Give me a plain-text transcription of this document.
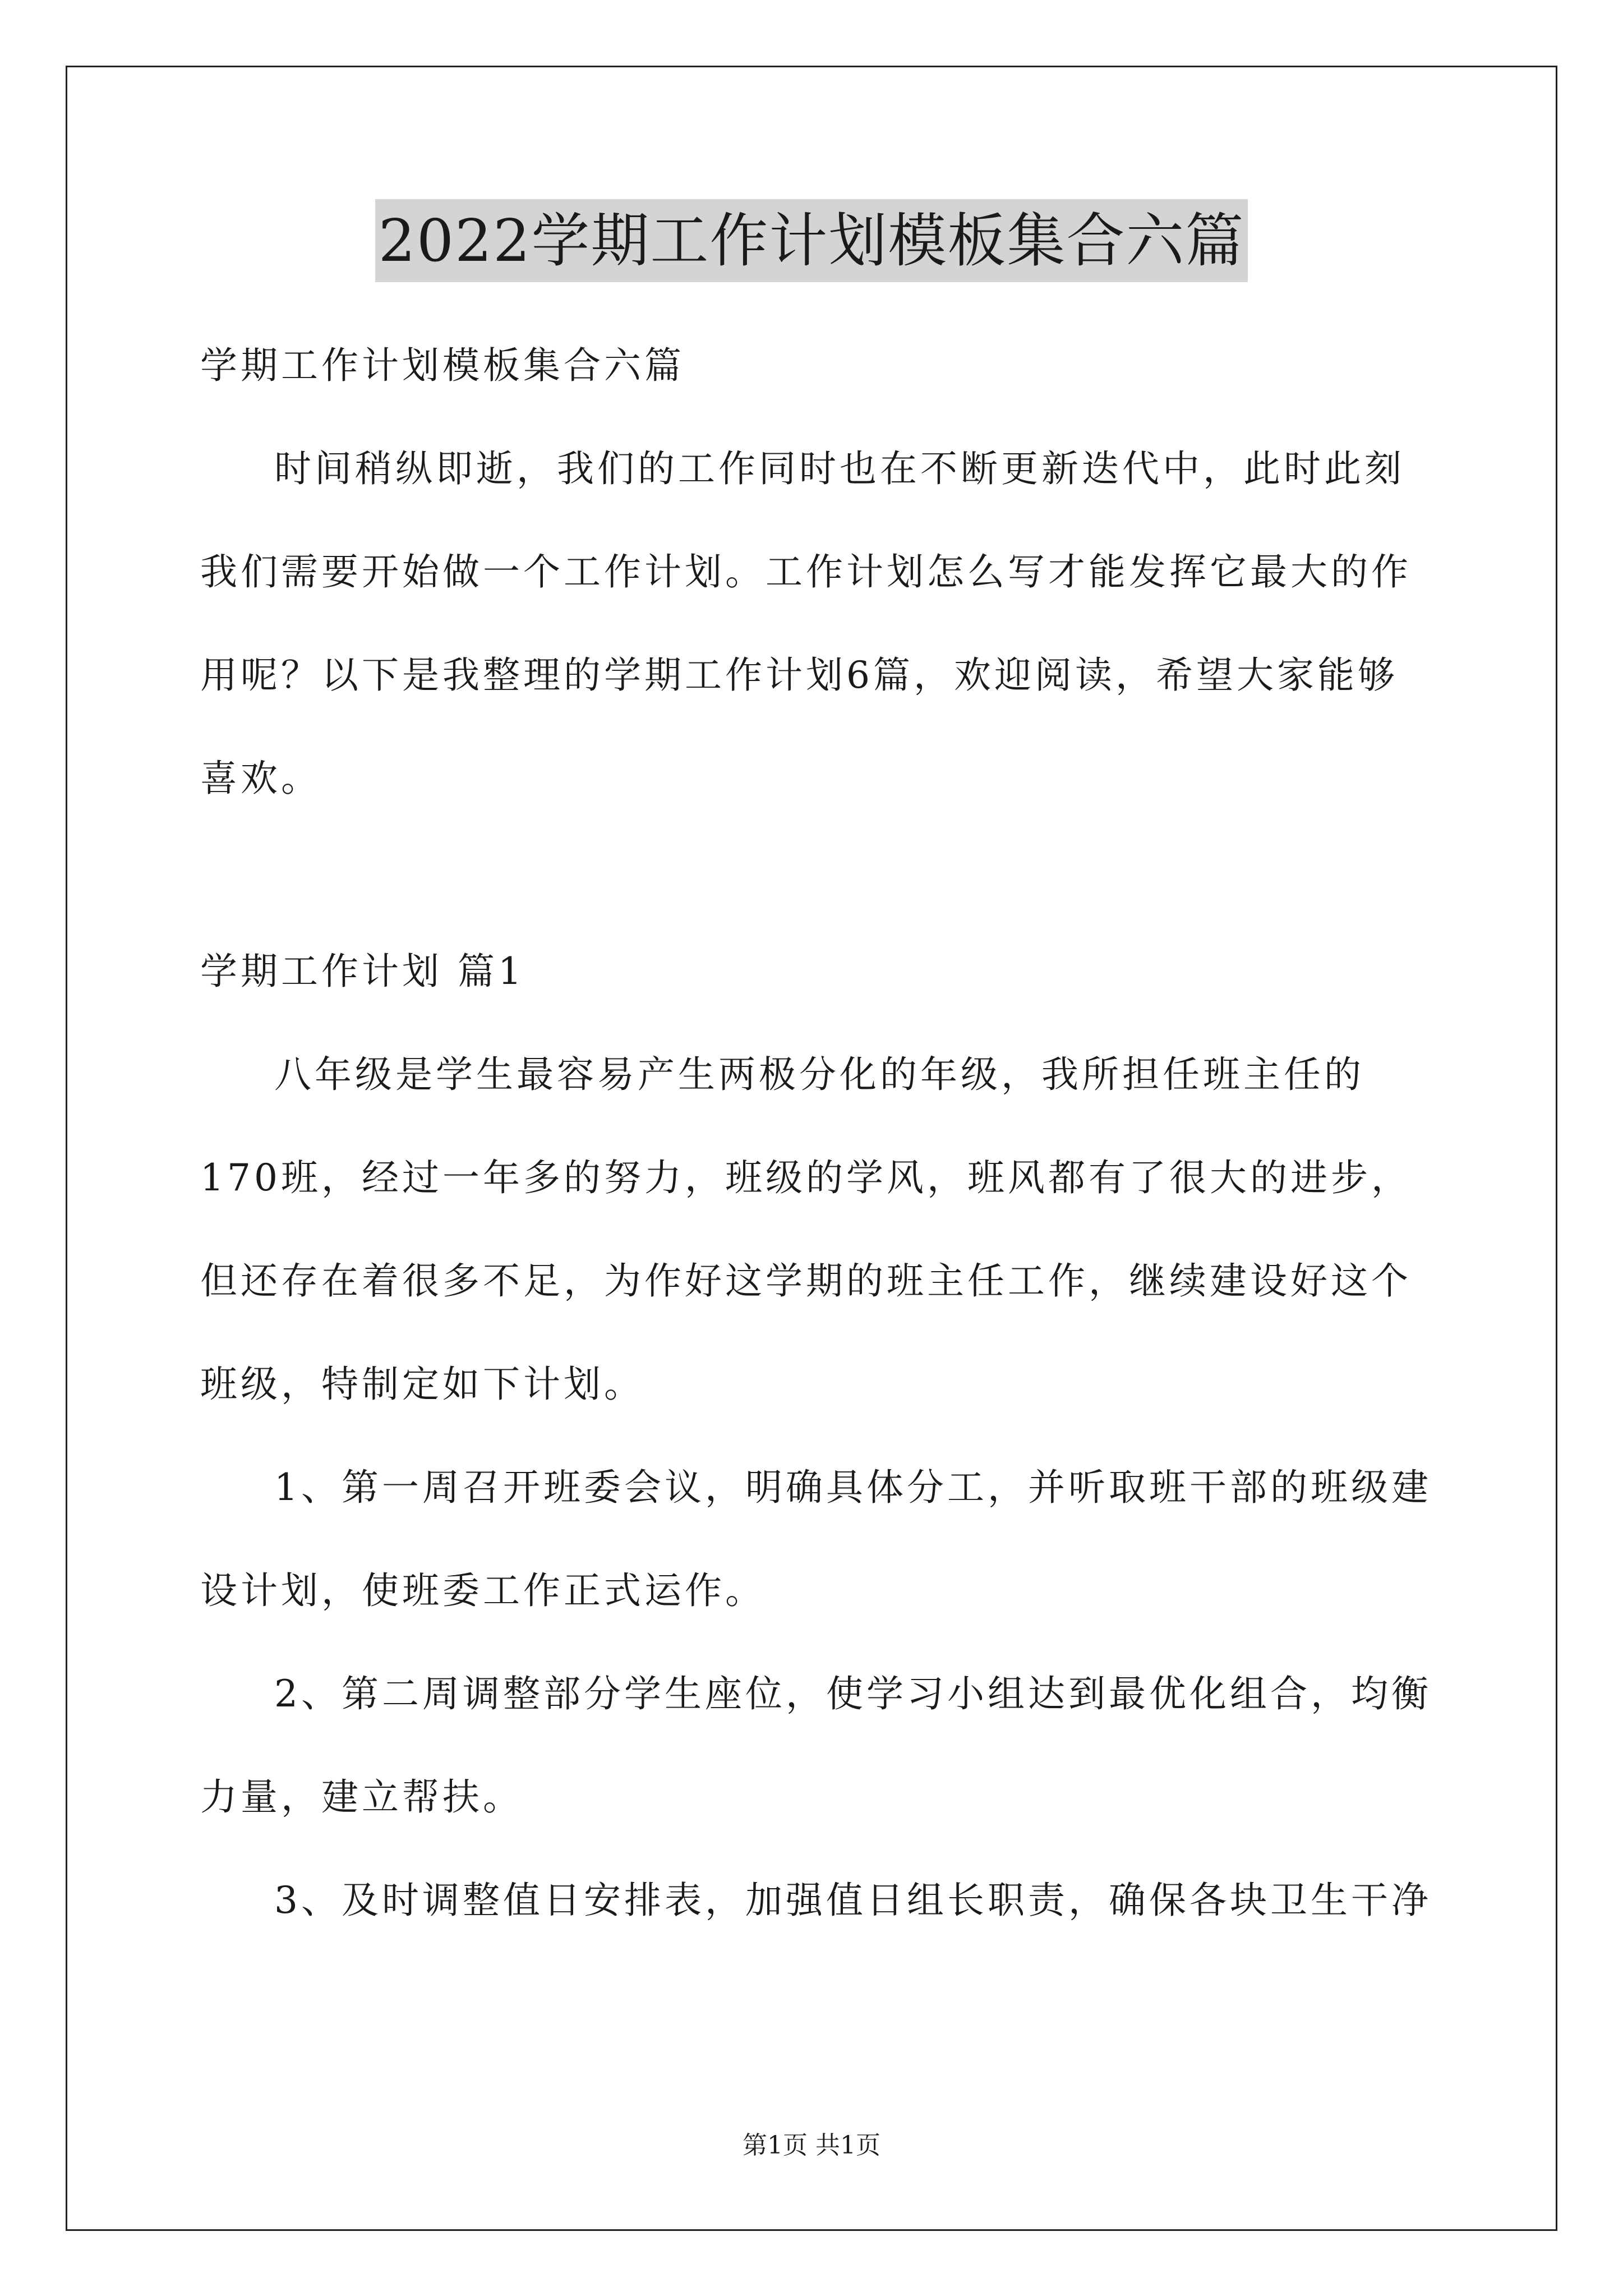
2022学期工作计划模板集合六篇
学期工作计划模板集合六篇
时间稍纵即逝，我们的工作同时也在不断更新迭代中，此时此刻
我们需要开始做一个工作计划。工作计划怎么写才能发挥它最大的作
用呢？以下是我整理的学期工作计划6篇，欢迎阅读，希望大家能够
喜欢。
学期工作计划 篇1
八年级是学生最容易产生两极分化的年级，我所担任班主任的
170班，经过一年多的努力，班级的学风，班风都有了很大的进步，
但还存在着很多不足，为作好这学期的班主任工作，继续建设好这个
班级，特制定如下计划。
1、第一周召开班委会议，明确具体分工，并听取班干部的班级建
设计划，使班委工作正式运作。
2、第二周调整部分学生座位，使学习小组达到最优化组合，均衡
力量，建立帮扶。
3、及时调整值日安排表，加强值日组长职责，确保各块卫生干净
第1页 共1页
